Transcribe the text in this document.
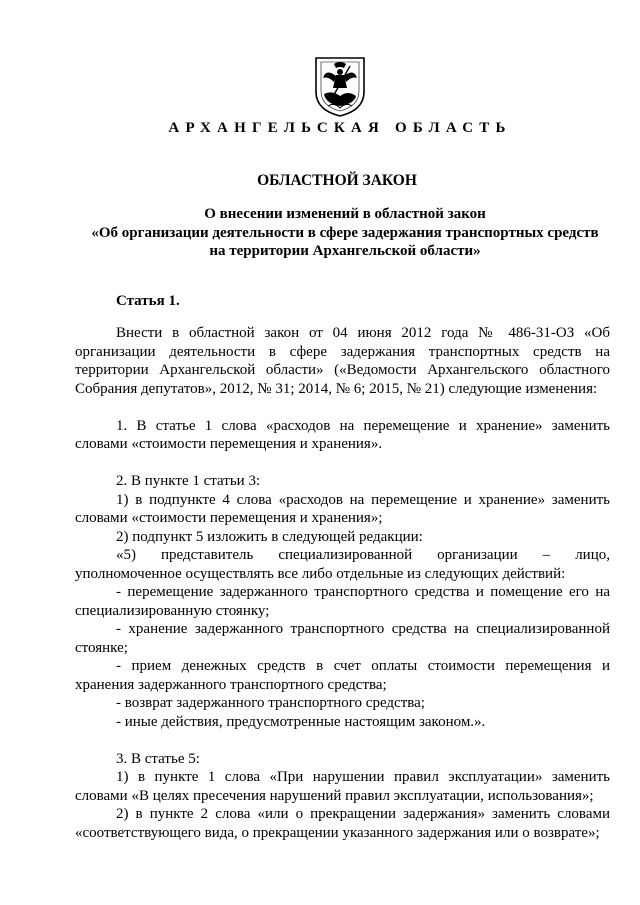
АРХАНГЕЛЬСКАЯ ОБЛАСТЬ
ОБЛАСТНОЙ ЗАКОН
О внесении изменений в областной закон
«Об организации деятельности в сфере задержания транспортных средств
на территории Архангельской области»
Статья 1.

Внести в областной закон от 04 июня 2012 года № 486-31-ОЗ «Об организации деятельности в сфере задержания транспортных средств на территории Архангельской области» («Ведомости Архангельского областного Собрания депутатов», 2012, № 31; 2014, № 6; 2015, № 21) следующие изменения:

1. В статье 1 слова «расходов на перемещение и хранение» заменить словами «стоимости перемещения и хранения».

2. В пункте 1 статьи 3:

1) в подпункте 4 слова «расходов на перемещение и хранение» заменить словами «стоимости перемещения и хранения»;

2) подпункт 5 изложить в следующей редакции:

«5) представитель специализированной организации – лицо, уполномоченное осуществлять все либо отдельные из следующих действий:

- перемещение задержанного транспортного средства и помещение его на специализированную стоянку;

- хранение задержанного транспортного средства на специализированной стоянке;

- прием денежных средств в счет оплаты стоимости перемещения и хранения задержанного транспортного средства;

- возврат задержанного транспортного средства;

- иные действия, предусмотренные настоящим законом.».

3. В статье 5:

1) в пункте 1 слова «При нарушении правил эксплуатации» заменить словами «В целях пресечения нарушений правил эксплуатации, использования»;

2) в пункте 2 слова «или о прекращении задержания» заменить словами «соответствующего вида, о прекращении указанного задержания или о возврате»;
